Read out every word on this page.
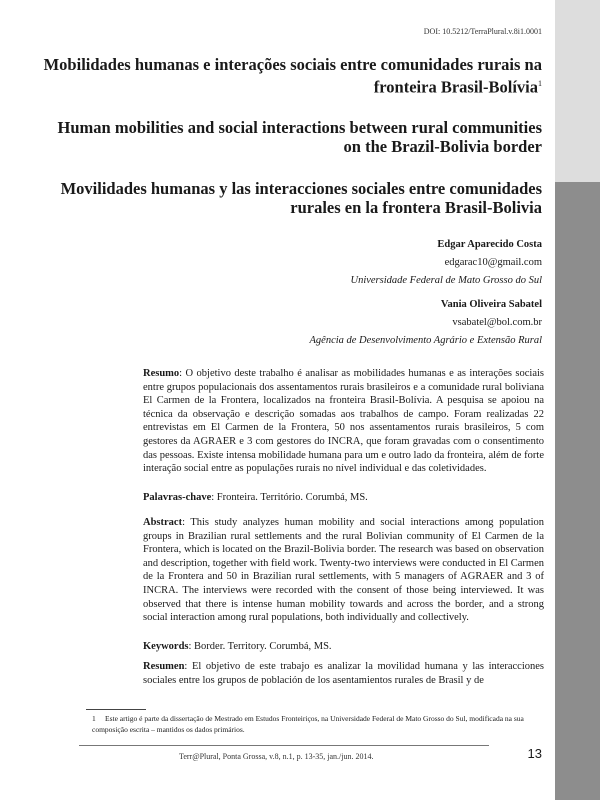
DOI: 10.5212/TerraPlural.v.8i1.0001
Mobilidades humanas e interações sociais entre comunidades rurais na fronteira Brasil-Bolívia$^1$
Human mobilities and social interactions between rural communities on the Brazil-Bolivia border
Movilidades humanas y las interacciones sociales entre comunidades rurales en la frontera Brasil-Bolivia
Edgar Aparecido Costa
edgarac10@gmail.com
Universidade Federal de Mato Grosso do Sul
Vania Oliveira Sabatel
vsabatel@bol.com.br
Agência de Desenvolvimento Agrário e Extensão Rural
Resumo: O objetivo deste trabalho é analisar as mobilidades humanas e as interações sociais entre grupos populacionais dos assentamentos rurais brasileiros e a comunidade rural boliviana El Carmen de la Frontera, localizados na fronteira Brasil-Bolívia. A pesquisa se apoiou na técnica da observação e descrição somadas aos trabalhos de campo. Foram realizadas 22 entrevistas em El Carmen de la Frontera, 50 nos assentamentos rurais brasileiros, 5 com gestores da AGRAER e 3 com gestores do INCRA, que foram gravadas com o consentimento das pessoas. Existe intensa mobilidade humana para um e outro lado da fronteira, além de forte interação social entre as populações rurais no nível individual e das coletividades.
Palavras-chave: Fronteira. Território. Corumbá, MS.
Abstract: This study analyzes human mobility and social interactions among population groups in Brazilian rural settlements and the rural Bolivian community of El Carmen de la Frontera, which is located on the Brazil-Bolivia border. The research was based on observation and description, together with field work. Twenty-two interviews were conducted in El Carmen de la Frontera and 50 in Brazilian rural settlements, with 5 managers of AGRAER and 3 of INCRA. The interviews were recorded with the consent of those being interviewed. It was observed that there is intense human mobility towards and across the border, and a strong social interaction among rural populations, both individually and collectively.
Keywords: Border. Territory. Corumbá, MS.
Resumen: El objetivo de este trabajo es analizar la movilidad humana y las interacciones sociales entre los grupos de población de los asentamientos rurales de Brasil y de
1 Este artigo é parte da dissertação de Mestrado em Estudos Fronteiriços, na Universidade Federal de Mato Grosso do Sul, modificada na sua composição escrita – mantidos os dados primários.
Terr@Plural, Ponta Grossa, v.8, n.1, p. 13-35, jan./jun. 2014.	13
